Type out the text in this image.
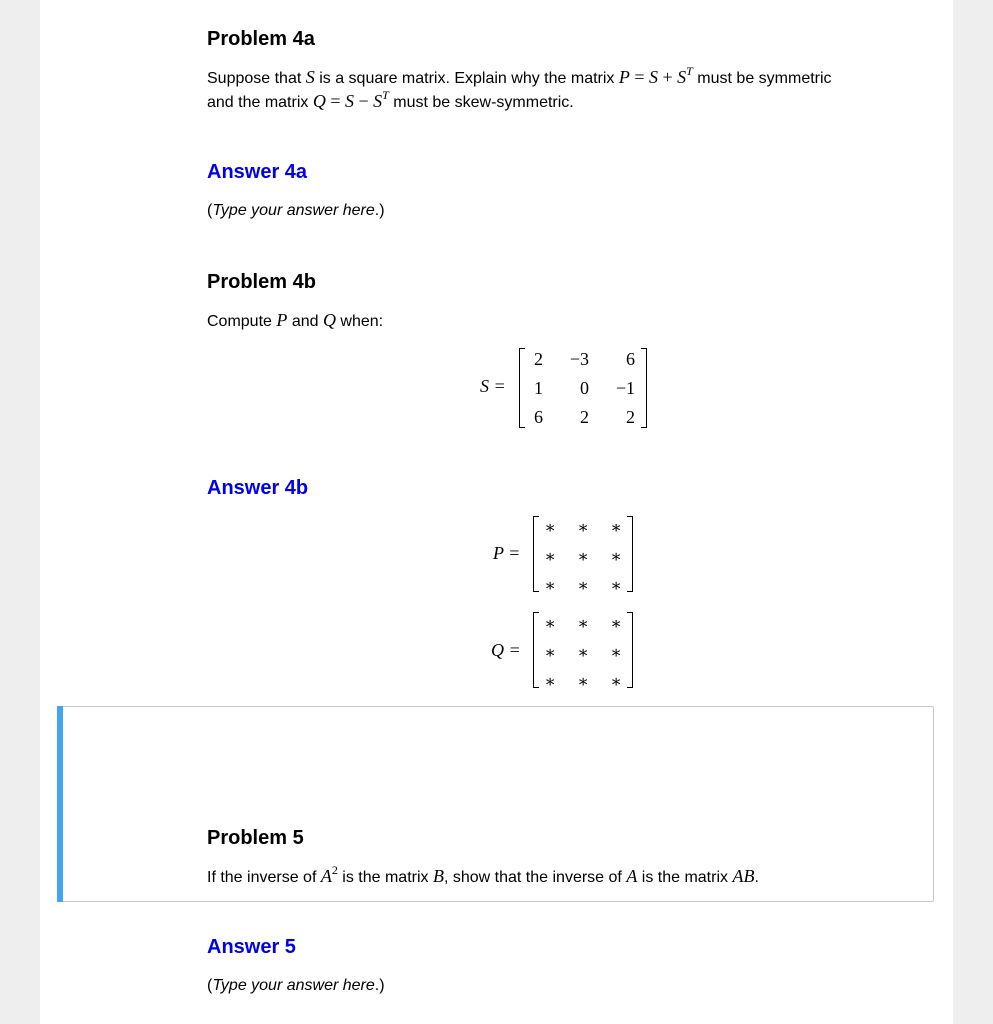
Problem 4a
Suppose that S is a square matrix. Explain why the matrix $P = S + S^T$ must be symmetric
and the matrix $Q = S - S^T$ must be skew-symmetric.
Answer 4a
(Type your answer here.)
Problem 4b
Compute P and Q when:
S =
2	−3	6
1	0	−1
6	2	2
Answer 4b
P =
∗ ∗ ∗
∗ ∗ ∗
∗ ∗ ∗
Q =
∗ ∗ ∗
∗ ∗ ∗
∗ ∗ ∗
Problem 5
If the inverse of $A^2$ is the matrix B, show that the inverse of A is the matrix AB.
Answer 5
(Type your answer here.)
